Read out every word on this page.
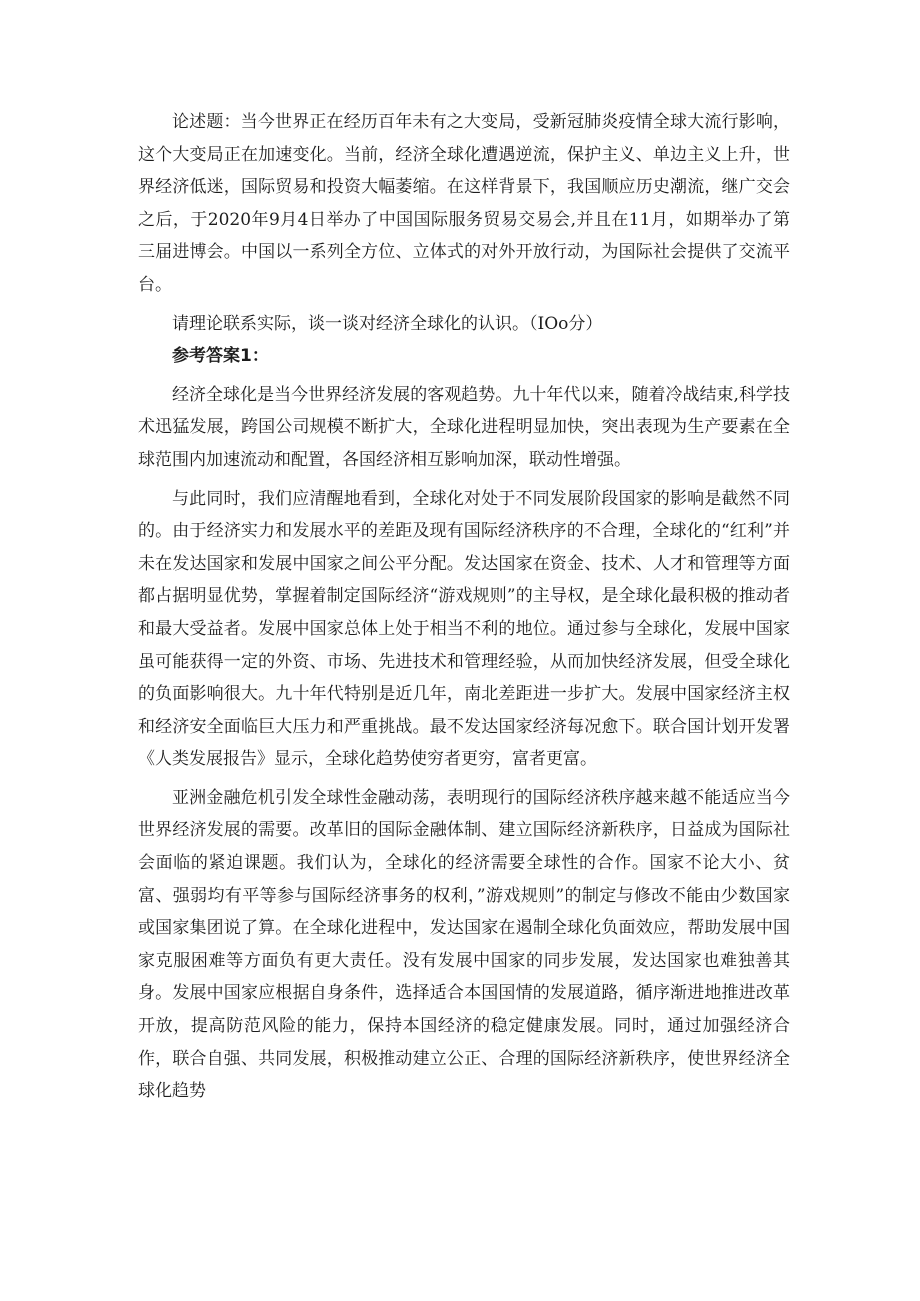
论述题：当今世界正在经历百年未有之大变局，受新冠肺炎疫情全球大流行影响，这个大变局正在加速变化。当前，经济全球化遭遇逆流，保护主义、单边主义上升，世界经济低迷，国际贸易和投资大幅萎缩。在这样背景下，我国顺应历史潮流，继广交会之后，于2020年9月4日举办了中国国际服务贸易交易会,并且在11月，如期举办了第三届进博会。中国以一系列全方位、立体式的对外开放行动，为国际社会提供了交流平台。

请理论联系实际，谈一谈对经济全球化的认识。（IOo分）

参考答案1：

经济全球化是当今世界经济发展的客观趋势。九十年代以来，随着冷战结束,科学技术迅猛发展，跨国公司规模不断扩大，全球化进程明显加快，突出表现为生产要素在全球范围内加速流动和配置，各国经济相互影响加深，联动性增强。

与此同时，我们应清醒地看到，全球化对处于不同发展阶段国家的影响是截然不同的。由于经济实力和发展水平的差距及现有国际经济秩序的不合理，全球化的“红利”并未在发达国家和发展中国家之间公平分配。发达国家在资金、技术、人才和管理等方面都占据明显优势，掌握着制定国际经济“游戏规则”的主导权，是全球化最积极的推动者和最大受益者。发展中国家总体上处于相当不利的地位。通过参与全球化，发展中国家虽可能获得一定的外资、市场、先进技术和管理经验，从而加快经济发展，但受全球化的负面影响很大。九十年代特别是近几年，南北差距进一步扩大。发展中国家经济主权和经济安全面临巨大压力和严重挑战。最不发达国家经济每况愈下。联合国计划开发署《人类发展报告》显示，全球化趋势使穷者更穷，富者更富。

亚洲金融危机引发全球性金融动荡，表明现行的国际经济秩序越来越不能适应当今世界经济发展的需要。改革旧的国际金融体制、建立国际经济新秩序，日益成为国际社会面临的紧迫课题。我们认为，全球化的经济需要全球性的合作。国家不论大小、贫富、强弱均有平等参与国际经济事务的权利，”游戏规则”的制定与修改不能由少数国家或国家集团说了算。在全球化进程中，发达国家在遏制全球化负面效应，帮助发展中国家克服困难等方面负有更大责任。没有发展中国家的同步发展，发达国家也难独善其身。发展中国家应根据自身条件，选择适合本国国情的发展道路，循序渐进地推进改革开放，提高防范风险的能力，保持本国经济的稳定健康发展。同时，通过加强经济合作，联合自强、共同发展，积极推动建立公正、合理的国际经济新秩序，使世界经济全球化趋势
